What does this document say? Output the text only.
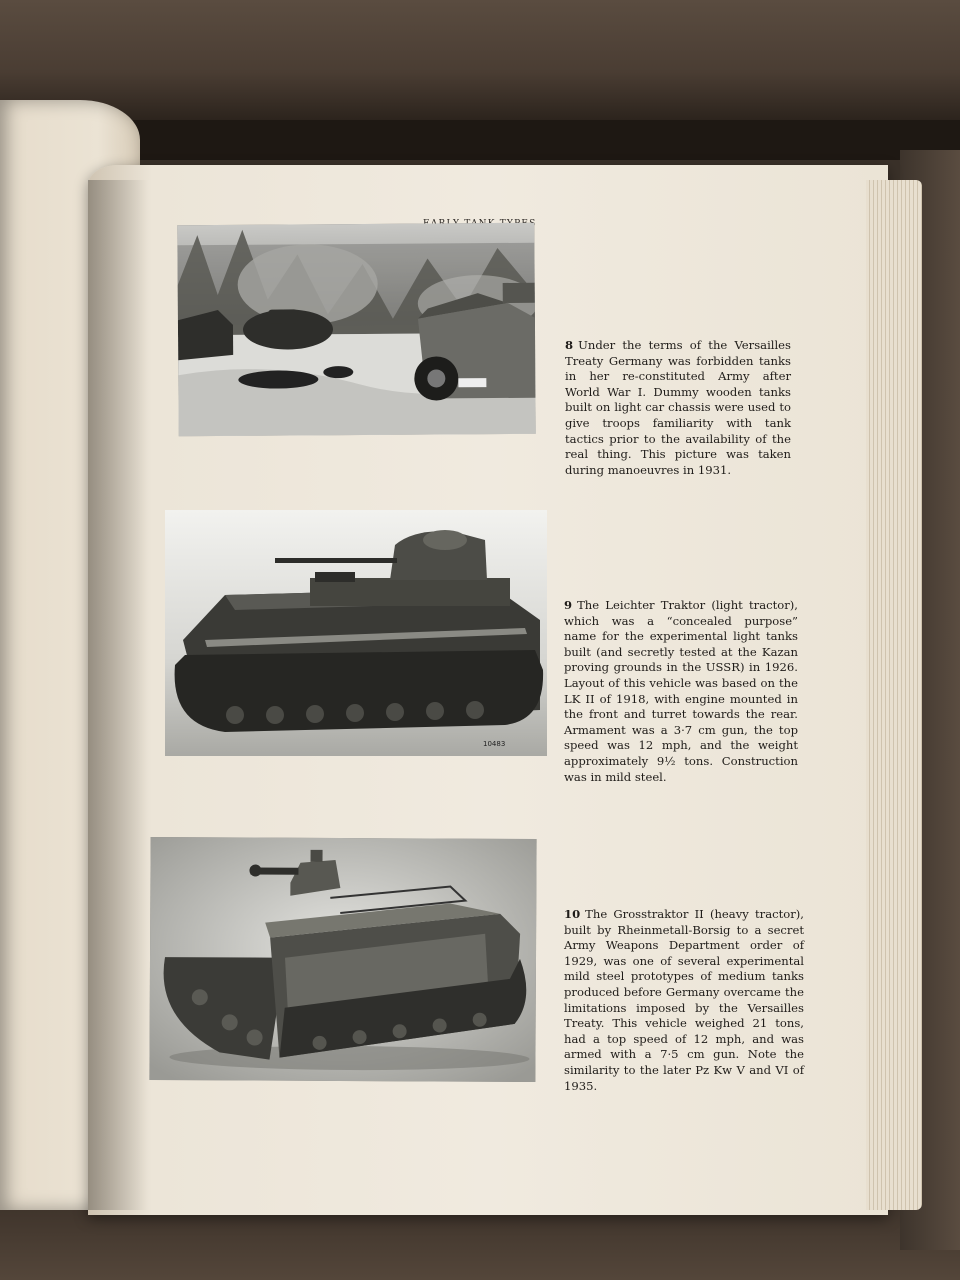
10483
8 Under the terms of the Versailles Treaty Germany was forbidden tanks in her re-constituted Army after World War I. Dummy wooden tanks built on light car chassis were used to give troops familiarity with tank tactics prior to the availability of the real thing. This picture was taken during manoeuvres in 1931.
9 The Leichter Traktor (light tractor), which was a “concealed purpose” name for the experimental light tanks built (and secretly tested at the Kazan proving grounds in the USSR) in 1926. Layout of this vehicle was based on the LK II of 1918, with engine mounted in the front and turret towards the rear. Armament was a 3·7 cm gun, the top speed was 12 mph, and the weight approximately 9½ tons. Construction was in mild steel.
10 The Grosstraktor II (heavy tractor), built by Rheinmetall-Borsig to a secret Army Weapons Department order of 1929, was one of several experimental mild steel prototypes of medium tanks produced before Germany overcame the limitations imposed by the Versailles Treaty. This vehicle weighed 21 tons, had a top speed of 12 mph, and was armed with a 7·5 cm gun. Note the similarity to the later Pz Kw V and VI of 1935.
